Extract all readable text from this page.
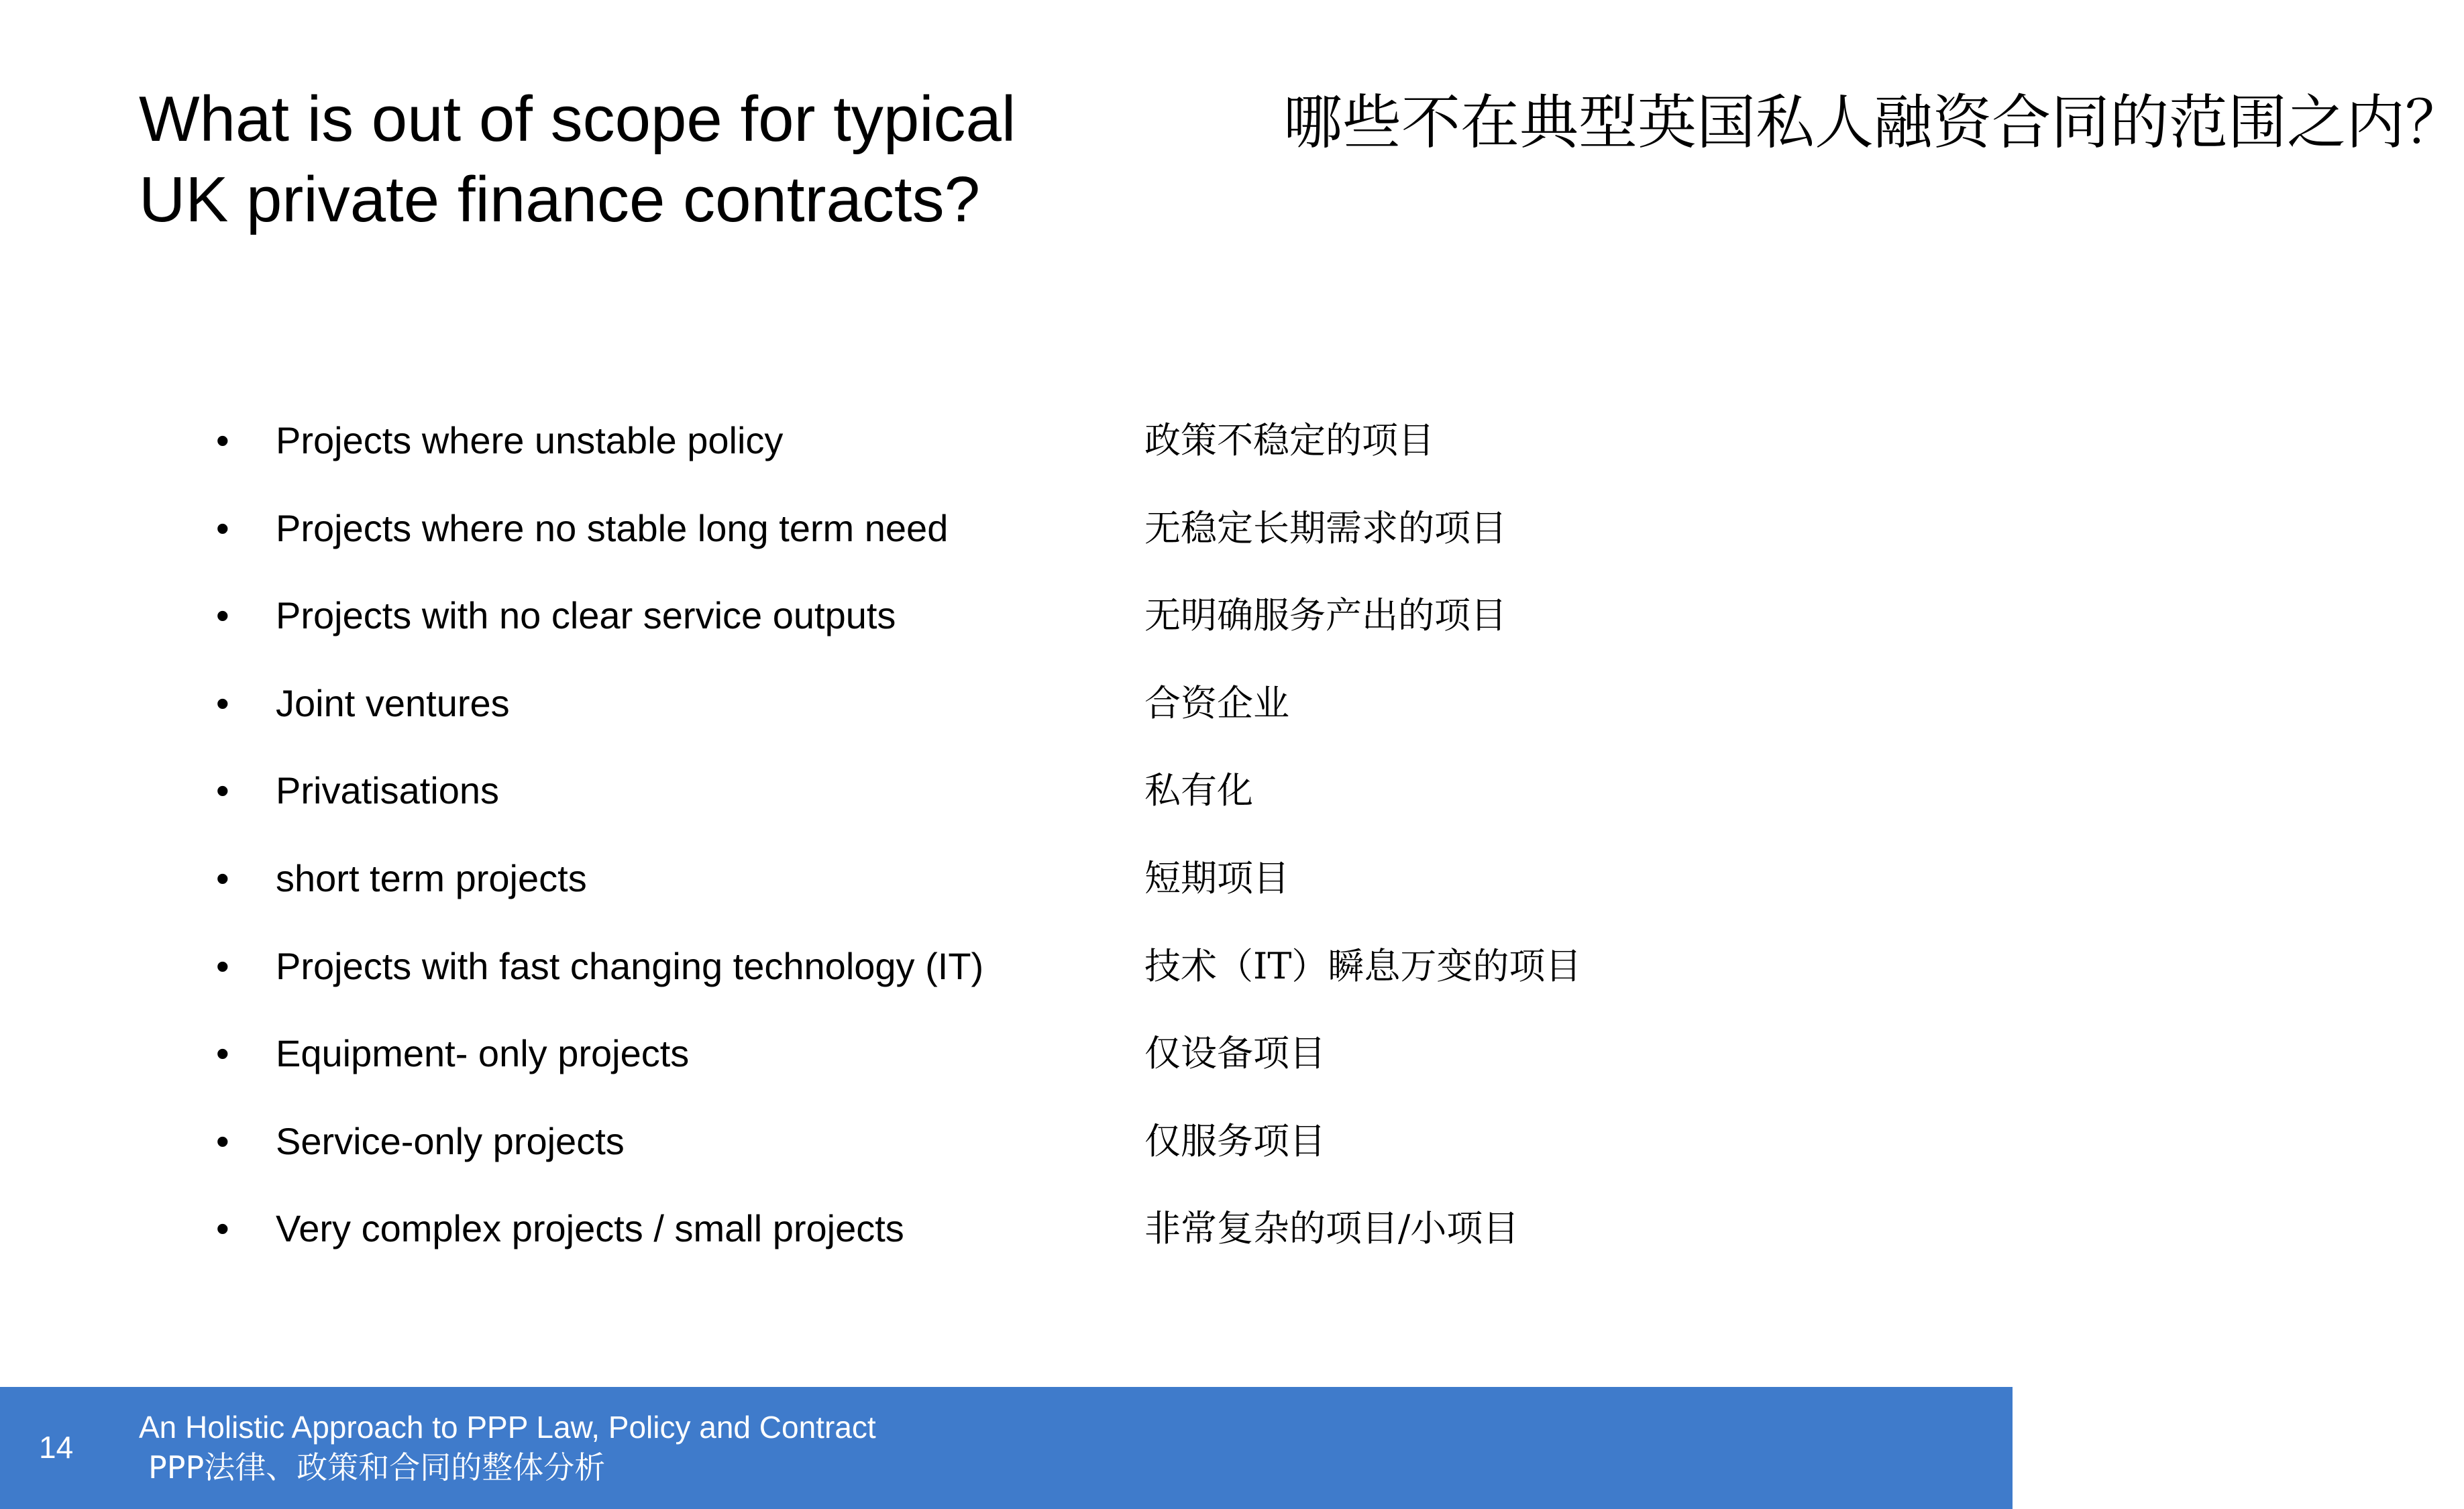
What is out of scope for typical
UK private finance contracts?
哪些不在典型英国私人融资合同的范围之内？
• Projects where unstable policy	政策不稳定的项目
• Projects where no stable long term need	无稳定长期需求的项目
• Projects with no clear service outputs	无明确服务产出的项目
• Joint ventures	合资企业
• Privatisations	私有化
• short term projects	短期项目
• Projects with fast changing technology (IT)	技术（IT）瞬息万变的项目
• Equipment- only projects	仅设备项目
• Service-only projects	仅服务项目
• Very complex projects / small projects	非常复杂的项目/小项目
14
An Holistic Approach to PPP Law, Policy and Contract
PPP法律、政策和合同的整体分析
